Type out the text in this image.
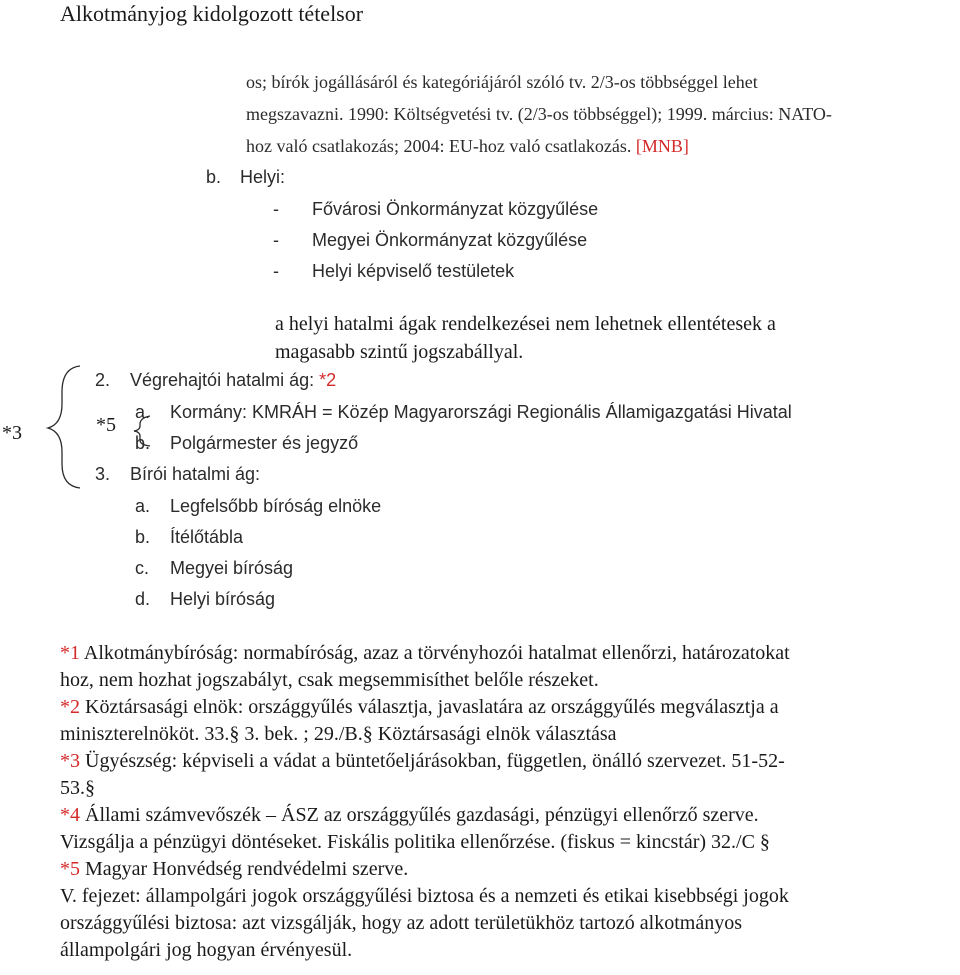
Alkotmányjog kidolgozott tételsor
os; bírók jogállásáról és kategóriájáról szóló tv. 2/3-os többséggel lehet
megszavazni. 1990: Költségvetési tv. (2/3-os többséggel); 1999. március: NATO-
hoz való csatlakozás; 2004: EU-hoz való csatlakozás. [MNB]
b. Helyi:
- Fővárosi Önkormányzat közgyűlése
- Megyei Önkormányzat közgyűlése
- Helyi képviselő testületek
a helyi hatalmi ágak rendelkezései nem lehetnek ellentétesek a
magasabb szintű jogszabállyal.
*3	*5
2. Végrehajtói hatalmi ág: *2
a. Kormány: KMRÁH = Közép Magyarországi Regionális Államigazgatási Hivatal
b. Polgármester és jegyző
3. Bírói hatalmi ág:
a. Legfelsőbb bíróság elnöke
b. Ítélőtábla
c. Megyei bíróság
d. Helyi bíróság
*1 Alkotmánybíróság: normabíróság, azaz a törvényhozói hatalmat ellenőrzi, határozatokat
hoz, nem hozhat jogszabályt, csak megsemmisíthet belőle részeket.
*2 Köztársasági elnök: országgyűlés választja, javaslatára az országgyűlés megválasztja a
miniszterelnököt. 33.§ 3. bek. ; 29./B.§ Köztársasági elnök választása
*3 Ügyészség: képviseli a vádat a büntetőeljárásokban, független, önálló szervezet. 51-52-
53.§
*4 Állami számvevőszék – ÁSZ az országgyűlés gazdasági, pénzügyi ellenőrző szerve.
Vizsgálja a pénzügyi döntéseket. Fiskális politika ellenőrzése. (fiskus = kincstár) 32./C §
*5 Magyar Honvédség rendvédelmi szerve.
V. fejezet: állampolgári jogok országgyűlési biztosa és a nemzeti és etikai kisebbségi jogok
országgyűlési biztosa: azt vizsgálják, hogy az adott területükhöz tartozó alkotmányos
állampolgári jog hogyan érvényesül.
